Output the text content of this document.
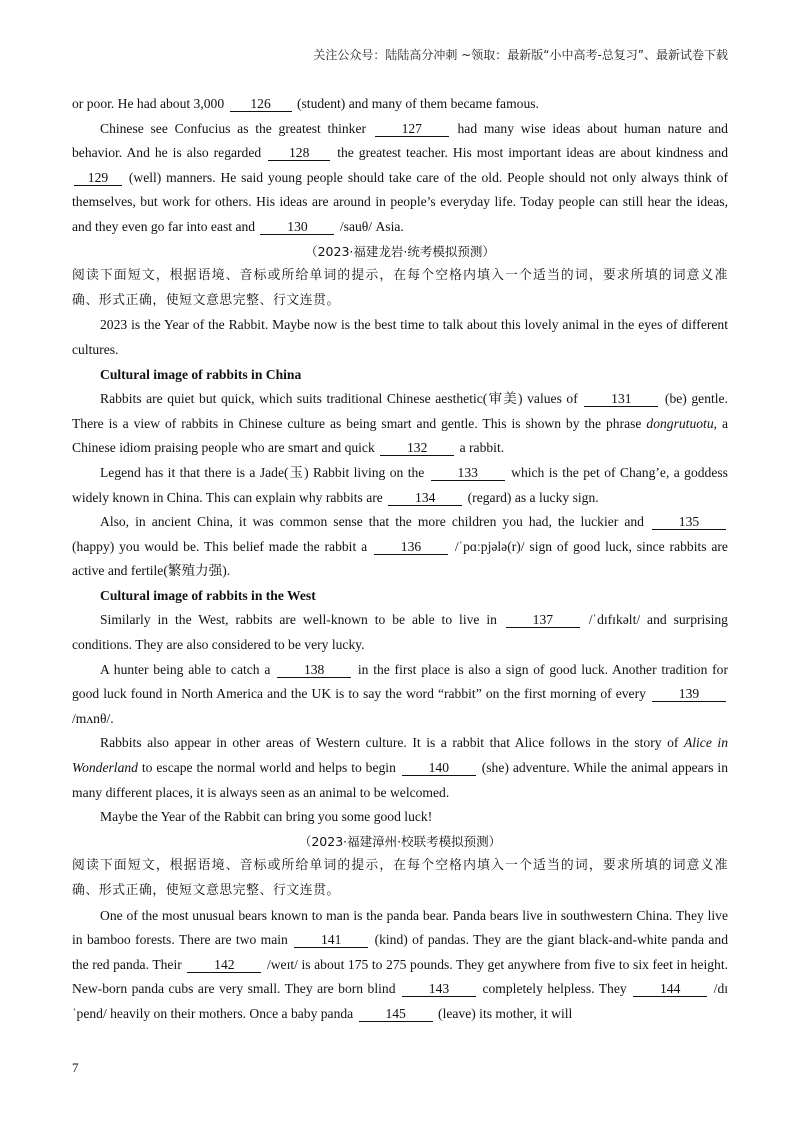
关注公众号：陆陆高分冲刺 ~领取：最新版“小中高考-总复习”、最新试卷下载

or poor. He had about 3,000 126 (student) and many of them became famous.

Chinese see Confucius as the greatest thinker	127	had many wise ideas about human nature and behavior. And he is also regarded 128 the greatest teacher. His most important ideas are about kindness and 129 (well) manners. He said young people should take care of the old. People should not only always think of themselves, but work for others. His ideas are around in people’s everyday life. Today people can still hear the ideas, and they even go far into east and 130 /sauθ/ Asia.

（2023·福建龙岩·统考模拟预测）

阅读下面短文，根据语境、音标或所给单词的提示，在每个空格内填入一个适当的词，要求所填的词意义准确、形式正确，使短文意思完整、行文连贯。

2023 is the Year of the Rabbit. Maybe now is the best time to talk about this lovely animal in the eyes of different cultures.

Cultural image of rabbits in China

Rabbits are quiet but quick, which suits traditional Chinese aesthetic(审美) values of 131 (be) gentle. There is a view of rabbits in Chinese culture as being smart and gentle. This is shown by the phrase dongrutuotu, a Chinese idiom praising people who are smart and quick 132 a rabbit.

Legend has it that there is a Jade(玉) Rabbit living on the 133 which is the pet of Chang’e, a goddess widely known in China. This can explain why rabbits are 134 (regard) as a lucky sign.

Also, in ancient China, it was common sense that the more children you had, the luckier and	135 (happy) you would be. This belief made the rabbit a 136 /ˈpɑːpjələ(r)/ sign of good luck, since rabbits are active and fertile(繁殖力强).

Cultural image of rabbits in the West

Similarly in the West, rabbits are well-known to be able to live in	137	/ˈdɪfɪkəlt/ and surprising conditions. They are also considered to be very lucky.

A hunter being able to catch a 138 in the first place is also a sign of good luck. Another tradition for good luck found in North America and the UK is to say the word “rabbit” on the first morning of every 139 /mʌnθ/.

Rabbits also appear in other areas of Western culture. It is a rabbit that Alice follows in the story of Alice in Wonderland to escape the normal world and helps to begin 140 (she) adventure. While the animal appears in many different places, it is always seen as an animal to be welcomed.

Maybe the Year of the Rabbit can bring you some good luck!

（2023·福建漳州·校联考模拟预测）

阅读下面短文，根据语境、音标或所给单词的提示，在每个空格内填入一个适当的词，要求所填的词意义准确、形式正确，使短文意思完整、行文连贯。

One of the most unusual bears known to man is the panda bear. Panda bears live in southwestern China. They live in bamboo forests. There are two main 141 (kind) of pandas. They are the giant black-and-white panda and the red panda. Their 142 /weɪt/ is about 175 to 275 pounds. They get anywhere from five to six feet in height. New-born panda cubs are very small. They are born blind 143 completely helpless. They 144 /dɪˈpend/ heavily on their mothers. Once a baby panda 145 (leave) its mother, it will

7
